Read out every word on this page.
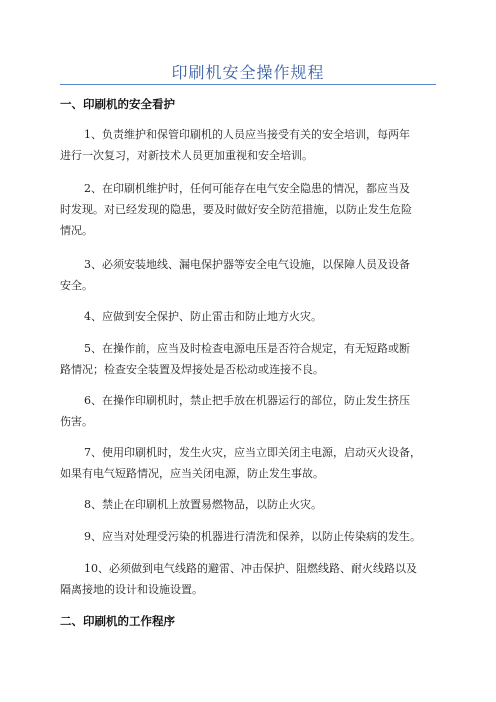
印刷机安全操作规程
一、印刷机的安全看护
1、负责维护和保管印刷机的人员应当接受有关的安全培训，每两年
进行一次复习，对新技术人员更加重视和安全培训。
2、在印刷机维护时，任何可能存在电气安全隐患的情况，都应当及
时发现。对已经发现的隐患，要及时做好安全防范措施，以防止发生危险
情况。
3、必须安装地线、漏电保护器等安全电气设施，以保障人员及设备
安全。
4、应做到安全保护、防止雷击和防止地方火灾。
5、在操作前，应当及时检查电源电压是否符合规定，有无短路或断
路情况；检查安全装置及焊接处是否松动或连接不良。
6、在操作印刷机时，禁止把手放在机器运行的部位，防止发生挤压
伤害。
7、使用印刷机时，发生火灾，应当立即关闭主电源，启动灭火设备，
如果有电气短路情况，应当关闭电源，防止发生事故。
8、禁止在印刷机上放置易燃物品，以防止火灾。
9、应当对处理受污染的机器进行清洗和保养，以防止传染病的发生。
10、必须做到电气线路的避雷、冲击保护、阻燃线路、耐火线路以及
隔离接地的设计和设施设置。
二、印刷机的工作程序
